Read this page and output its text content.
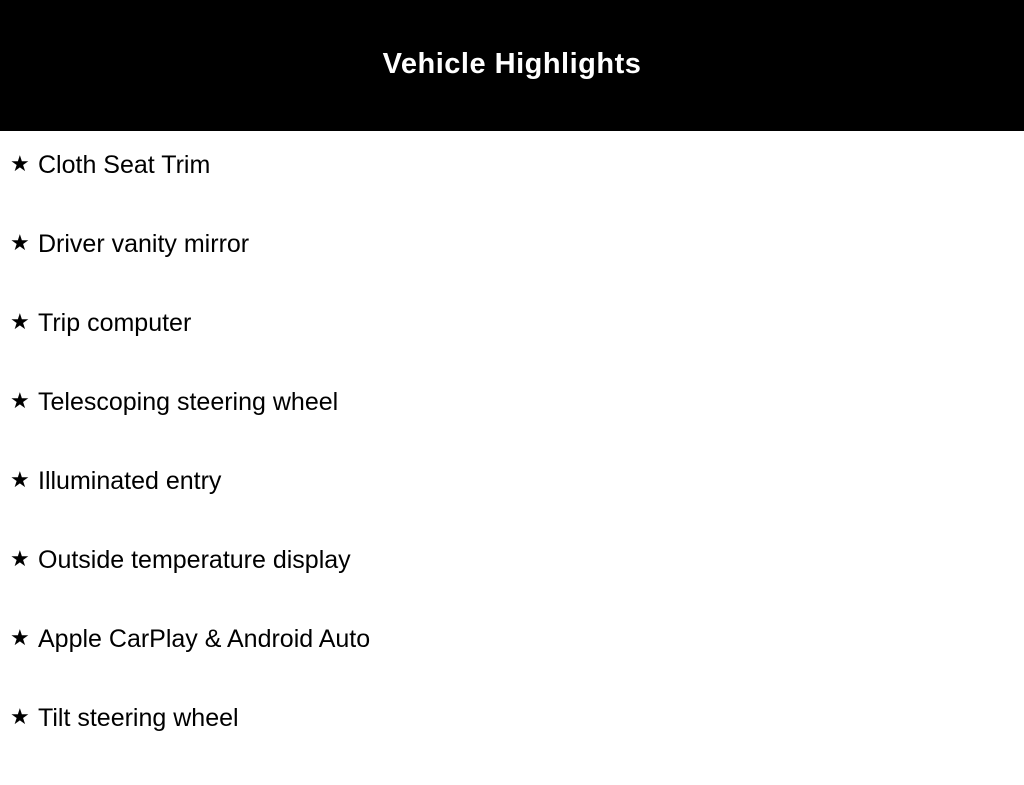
Vehicle Highlights
★ Cloth Seat Trim
★ Driver vanity mirror
★ Trip computer
★ Telescoping steering wheel
★ Illuminated entry
★ Outside temperature display
★ Apple CarPlay & Android Auto
★ Tilt steering wheel
